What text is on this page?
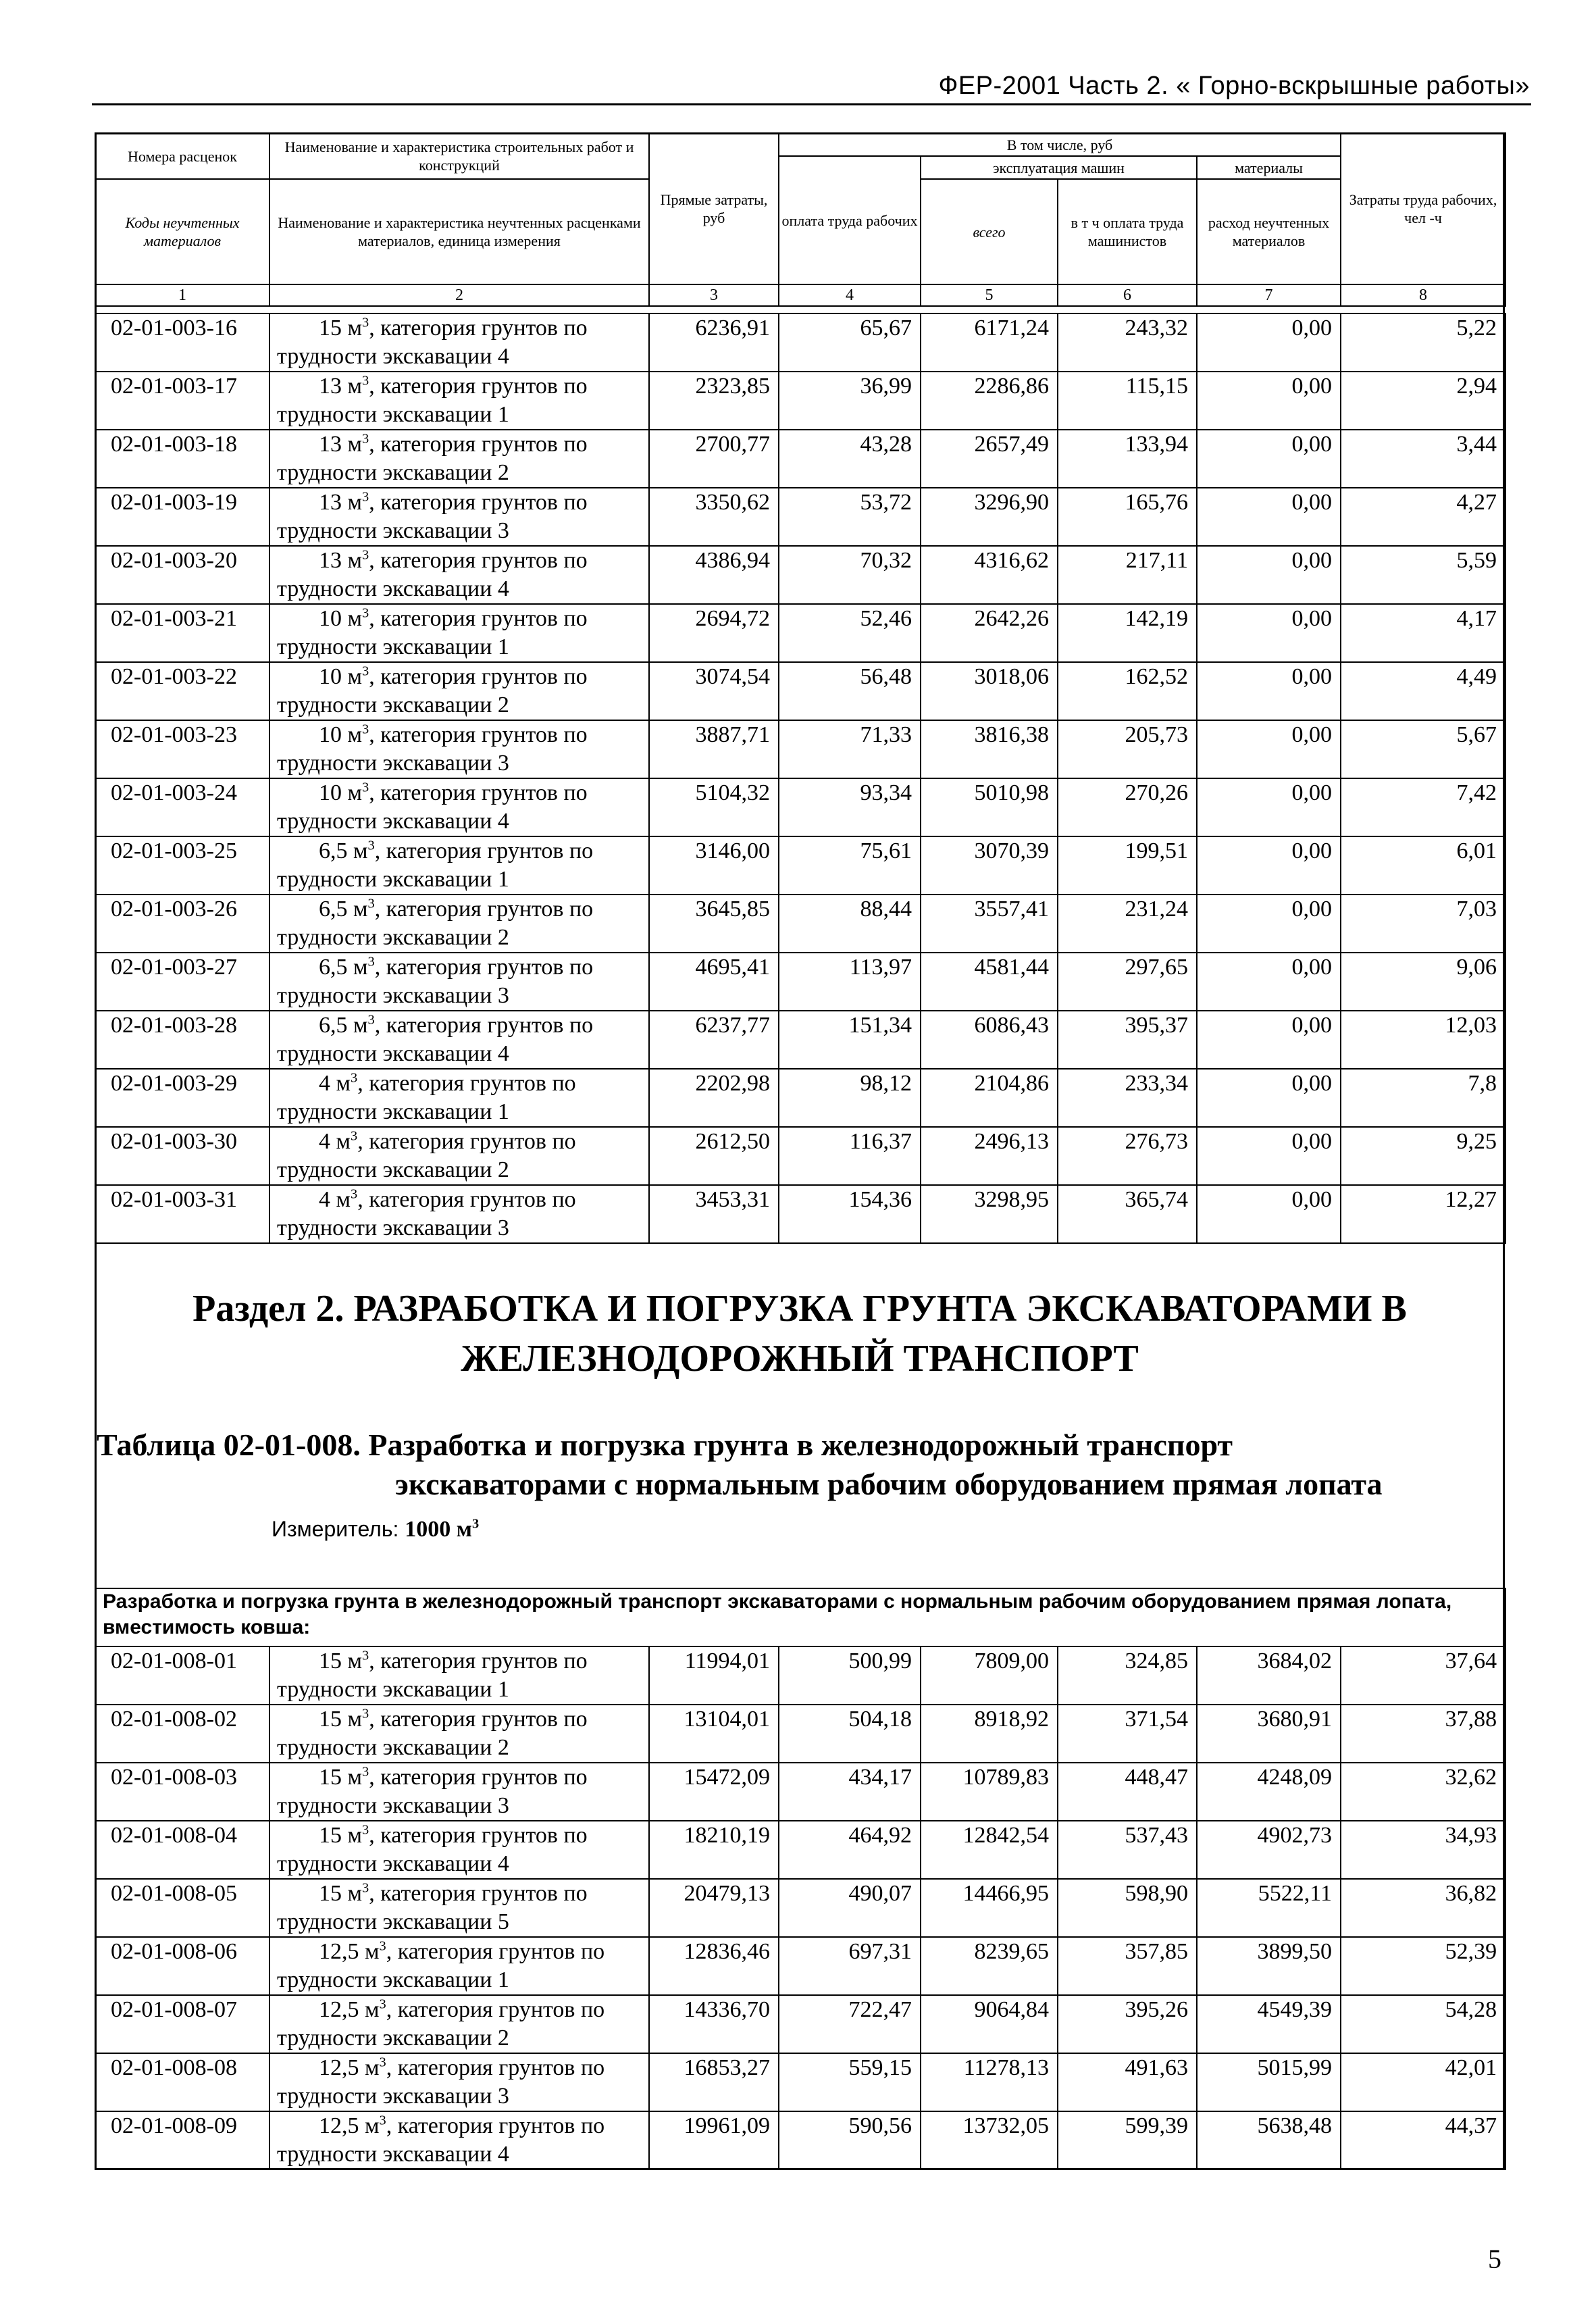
ФЕР-2001 Часть 2. « Горно-вскрышные работы»
Номера расценок	Наименование и характеристика строительных работ и конструкций	Прямые затраты, руб	В том числе, руб				Затраты труда рабочих, чел -ч
			оплата труда рабочих	эксплуатация машин		материалы	
Коды неучтенных материалов	Наименование и характеристика неучтенных расценками материалов, единица измерения			всего	в т ч оплата труда машинистов	расход неучтенных материалов	

1	2	3	4	5	6	7	8
02-01-003-16	15 $м^3$, категория грунтов по
трудности экскавации 4	6236,91	65,67	6171,24	243,32	0,00	5,22
02-01-003-17	13 $м^3$, категория грунтов по
трудности экскавации 1	2323,85	36,99	2286,86	115,15	0,00	2,94
02-01-003-18	13 $м^3$, категория грунтов по
трудности экскавации 2	2700,77	43,28	2657,49	133,94	0,00	3,44
02-01-003-19	13 $м^3$, категория грунтов по
трудности экскавации 3	3350,62	53,72	3296,90	165,76	0,00	4,27
02-01-003-20	13 $м^3$, категория грунтов по
трудности экскавации 4	4386,94	70,32	4316,62	217,11	0,00	5,59
02-01-003-21	10 $м^3$, категория грунтов по
трудности экскавации 1	2694,72	52,46	2642,26	142,19	0,00	4,17
02-01-003-22	10 $м^3$, категория грунтов по
трудности экскавации 2	3074,54	56,48	3018,06	162,52	0,00	4,49
02-01-003-23	10 $м^3$, категория грунтов по
трудности экскавации 3	3887,71	71,33	3816,38	205,73	0,00	5,67
02-01-003-24	10 $м^3$, категория грунтов по
трудности экскавации 4	5104,32	93,34	5010,98	270,26	0,00	7,42
02-01-003-25	6,5 $м^3$, категория грунтов по
трудности экскавации 1	3146,00	75,61	3070,39	199,51	0,00	6,01
02-01-003-26	6,5 $м^3$, категория грунтов по
трудности экскавации 2	3645,85	88,44	3557,41	231,24	0,00	7,03
02-01-003-27	6,5 $м^3$, категория грунтов по
трудности экскавации 3	4695,41	113,97	4581,44	297,65	0,00	9,06
02-01-003-28	6,5 $м^3$, категория грунтов по
трудности экскавации 4	6237,77	151,34	6086,43	395,37	0,00	12,03
02-01-003-29	4 $м^3$, категория грунтов по
трудности экскавации 1	2202,98	98,12	2104,86	233,34	0,00	7,8
02-01-003-30	4 $м^3$, категория грунтов по
трудности экскавации 2	2612,50	116,37	2496,13	276,73	0,00	9,25
02-01-003-31	4 $м^3$, категория грунтов по
трудности экскавации 3	3453,31	154,36	3298,95	365,74	0,00	12,27
Раздел 2. РАЗРАБОТКА И ПОГРУЗКА ГРУНТА ЭКСКАВАТОРАМИ В
ЖЕЛЕЗНОДОРОЖНЫЙ ТРАНСПОРТ
Таблица 02-01-008. Разработка и погрузка грунта в железнодорожный транспорт
экскаваторами с нормальным рабочим оборудованием прямая лопата
Измеритель: 1000 $м^3$
Разработка и погрузка грунта в железнодорожный транспорт экскаваторами с нормальным рабочим оборудованием прямая лопата, вместимость ковша:							
02-01-008-01	15 $м^3$, категория грунтов по
трудности экскавации 1	11994,01	500,99	7809,00	324,85	3684,02	37,64
02-01-008-02	15 $м^3$, категория грунтов по
трудности экскавации 2	13104,01	504,18	8918,92	371,54	3680,91	37,88
02-01-008-03	15 $м^3$, категория грунтов по
трудности экскавации 3	15472,09	434,17	10789,83	448,47	4248,09	32,62
02-01-008-04	15 $м^3$, категория грунтов по
трудности экскавации 4	18210,19	464,92	12842,54	537,43	4902,73	34,93
02-01-008-05	15 $м^3$, категория грунтов по
трудности экскавации 5	20479,13	490,07	14466,95	598,90	5522,11	36,82
02-01-008-06	12,5 $м^3$, категория грунтов по
трудности экскавации 1	12836,46	697,31	8239,65	357,85	3899,50	52,39
02-01-008-07	12,5 $м^3$, категория грунтов по
трудности экскавации 2	14336,70	722,47	9064,84	395,26	4549,39	54,28
02-01-008-08	12,5 $м^3$, категория грунтов по
трудности экскавации 3	16853,27	559,15	11278,13	491,63	5015,99	42,01
02-01-008-09	12,5 $м^3$, категория грунтов по
трудности экскавации 4	19961,09	590,56	13732,05	599,39	5638,48	44,37
5
